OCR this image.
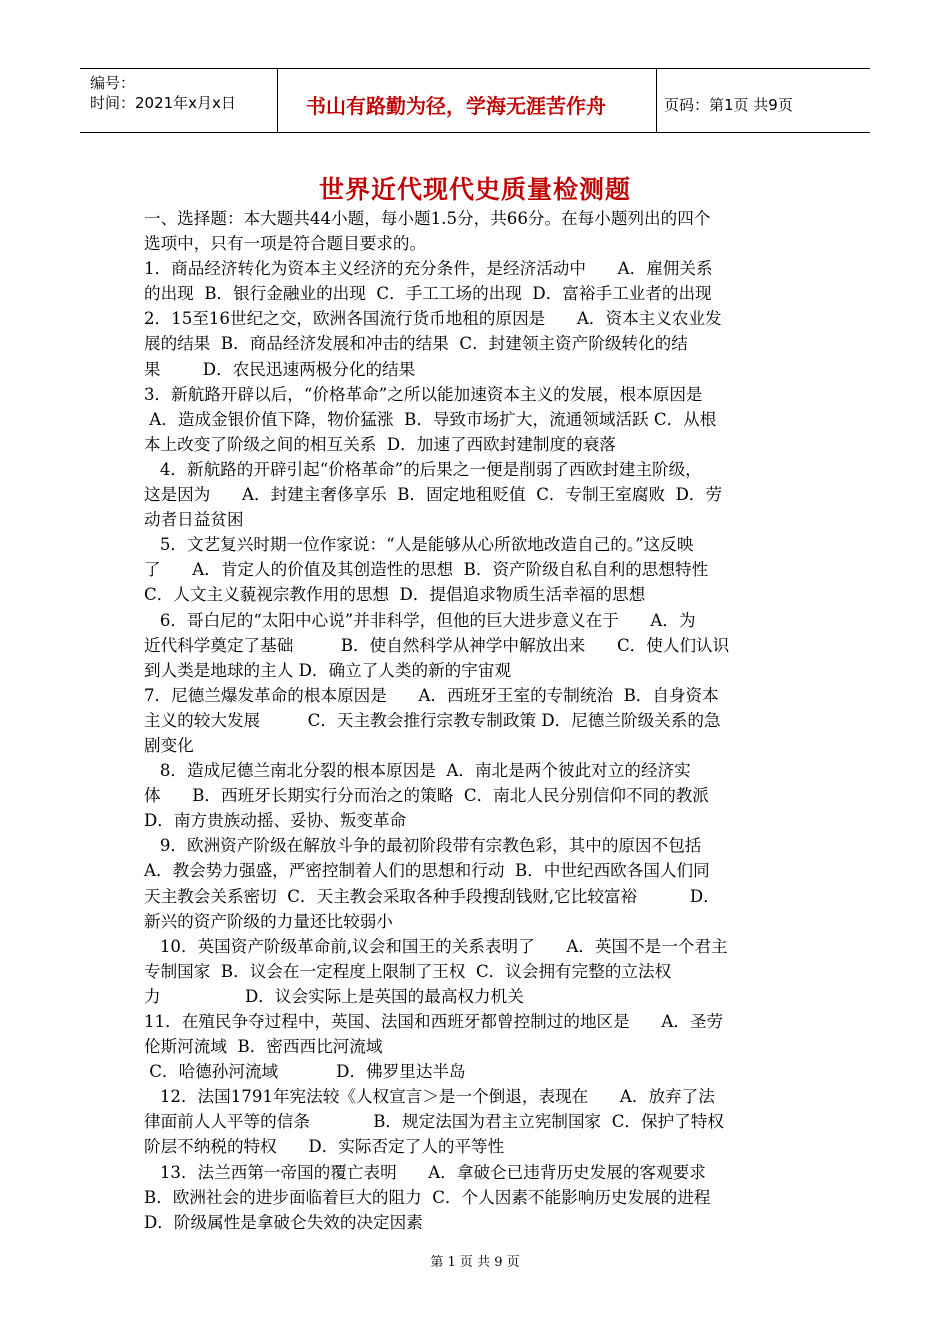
编号：
时间：2021年x月x日	书山有路勤为径，学海无涯苦作舟	页码：第1页 共9页
世界近代现代史质量检测题
一、选择题：本大题共44小题，每小题1.5分，共66分。在每小题列出的四个
选项中，只有一项是符合题目要求的。
1．商品经济转化为资本主义经济的充分条件，是经济活动中      A．雇佣关系
的出现  B．银行金融业的出现  C．手工工场的出现  D．富裕手工业者的出现
2．15至16世纪之交，欧洲各国流行货币地租的原因是      A．资本主义农业发
展的结果  B．商品经济发展和冲击的结果  C．封建领主资产阶级转化的结
果        D．农民迅速两极分化的结果
3．新航路开辟以后，“价格革命”之所以能加速资本主义的发展，根本原因是
A．造成金银价值下降，物价猛涨  B．导致市场扩大，流通领域活跃 C．从根
本上改变了阶级之间的相互关系  D．加速了西欧封建制度的衰落
4．新航路的开辟引起“价格革命”的后果之一便是削弱了西欧封建主阶级，
这是因为      A．封建主奢侈享乐  B．固定地租贬值  C．专制王室腐败  D．劳
动者日益贫困
5．文艺复兴时期一位作家说：“人是能够从心所欲地改造自己的。”这反映
了      A．肯定人的价值及其创造性的思想  B．资产阶级自私自利的思想特性
C．人文主义藐视宗教作用的思想  D．提倡追求物质生活幸福的思想
6．哥白尼的“太阳中心说”并非科学，但他的巨大进步意义在于      A．为
近代科学奠定了基础         B．使自然科学从神学中解放出来      C．使人们认识
到人类是地球的主人 D．确立了人类的新的宇宙观
7．尼德兰爆发革命的根本原因是      A．西班牙王室的专制统治  B．自身资本
主义的较大发展         C．天主教会推行宗教专制政策 D．尼德兰阶级关系的急
剧变化
8．造成尼德兰南北分裂的根本原因是  A．南北是两个彼此对立的经济实
体      B．西班牙长期实行分而治之的策略  C．南北人民分别信仰不同的教派
D．南方贵族动摇、妥协、叛变革命
9．欧洲资产阶级在解放斗争的最初阶段带有宗教色彩，其中的原因不包括
A．教会势力强盛，严密控制着人们的思想和行动  B．中世纪西欧各国人们同
天主教会关系密切  C．天主教会采取各种手段搜刮钱财,它比较富裕          D．
新兴的资产阶级的力量还比较弱小
10．英国资产阶级革命前,议会和国王的关系表明了      A．英国不是一个君主
专制国家  B．议会在一定程度上限制了王权  C．议会拥有完整的立法权
力                D．议会实际上是英国的最高权力机关
11．在殖民争夺过程中，英国、法国和西班牙都曾控制过的地区是      A．圣劳
伦斯河流域  B．密西西比河流域
C．哈德孙河流域           D．佛罗里达半岛
12．法国1791年宪法较《人权宣言＞是一个倒退，表现在      A．放弃了法
律面前人人平等的信条            B．规定法国为君主立宪制国家  C．保护了特权
阶层不纳税的特权      D．实际否定了人的平等性
13．法兰西第一帝国的覆亡表明      A．拿破仑已违背历史发展的客观要求
B．欧洲社会的进步面临着巨大的阻力  C．个人因素不能影响历史发展的进程
D．阶级属性是拿破仑失效的决定因素
第 1 页 共 9 页
